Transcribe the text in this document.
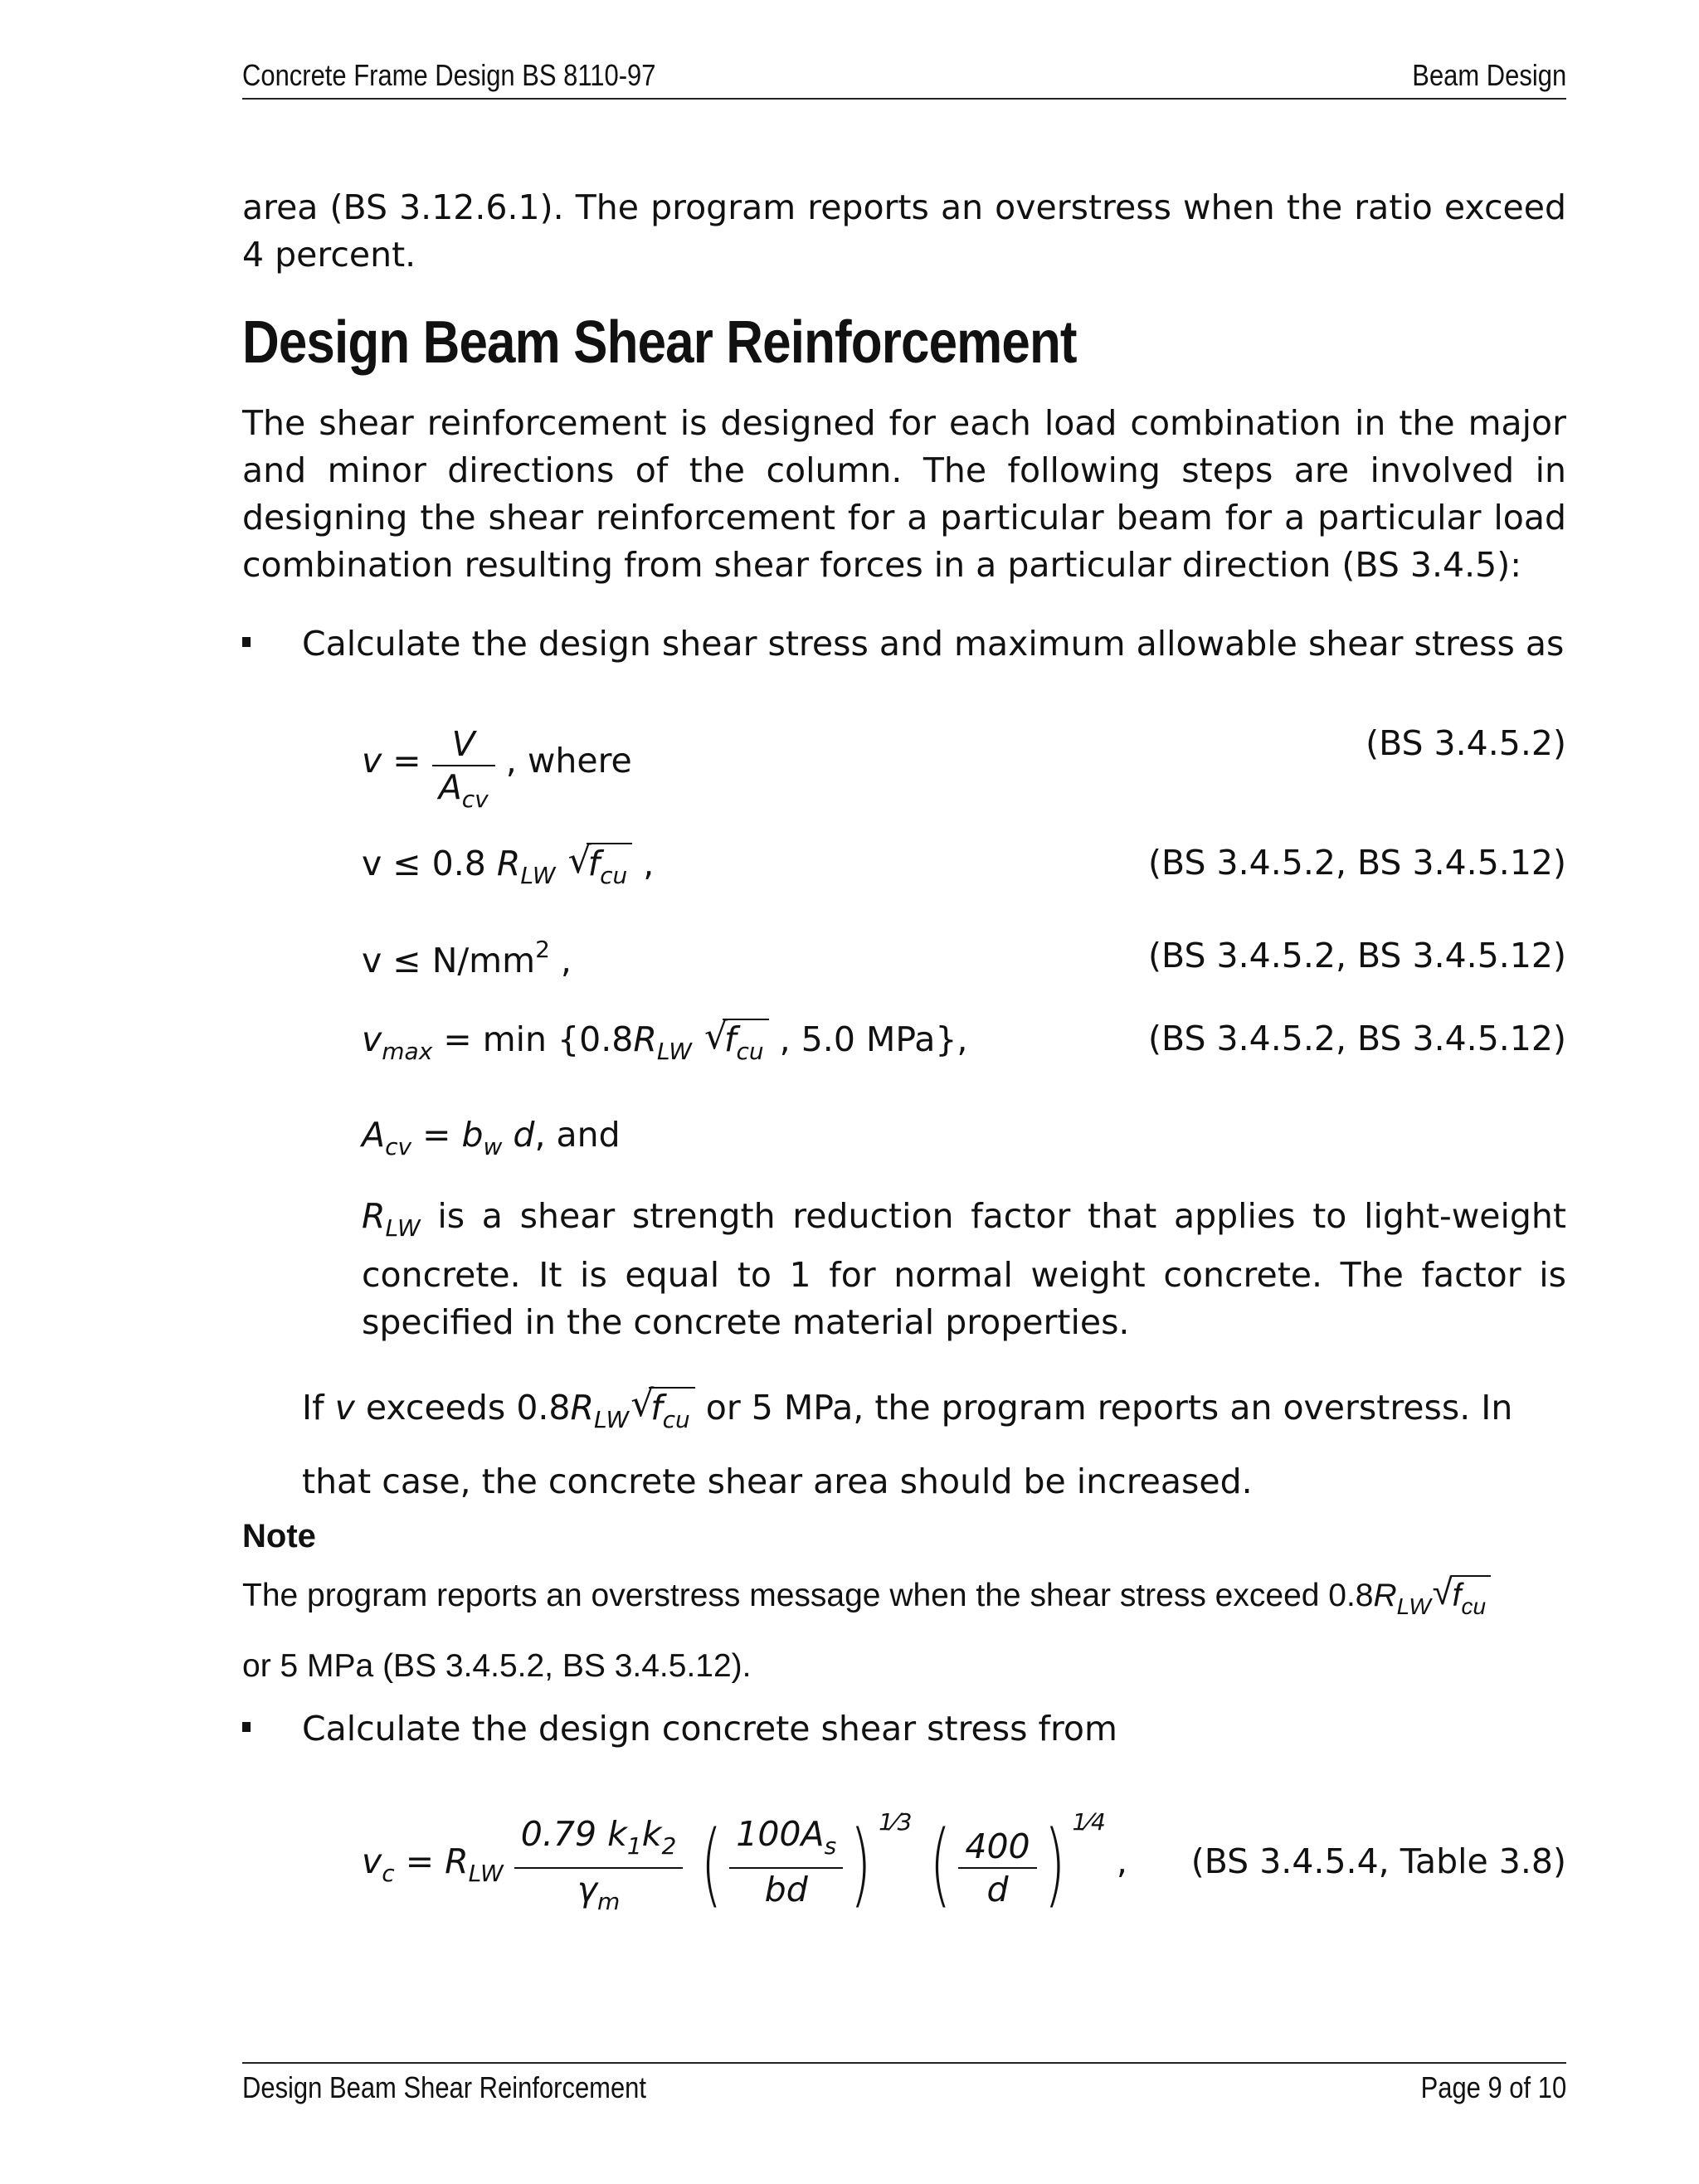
Concrete Frame Design BS 8110-97	Beam Design
area (BS 3.12.6.1). The program reports an overstress when the ratio exceed 4 percent.
Design Beam Shear Reinforcement
The shear reinforcement is designed for each load combination in the major and minor directions of the column. The following steps are involved in designing the shear reinforcement for a particular beam for a particular load combination resulting from shear forces in a particular direction (BS 3.4.5):
Calculate the design shear stress and maximum allowable shear stress as
$v = \frac{V}{A_{cv}}$ , where	(BS 3.4.5.2)
v ≤ 0.8 $R_{LW}$ √ $f_{cu}$ ,	(BS 3.4.5.2, BS 3.4.5.12)
$v \le N/mm^2$ ,	(BS 3.4.5.2, BS 3.4.5.12)
$v_{max} = \min \{0.8R_{LW}$ √ $f_{cu}$ , 5.0 MPa},	(BS 3.4.5.2, BS 3.4.5.12)
$A_{cv} = b_w$ d, and
$R_{LW}$ is a shear strength reduction factor that applies to light-weight concrete. It is equal to 1 for normal weight concrete. The factor is specified in the concrete material properties.
If v exceeds $0.8R_{LW}√$ $f_{cu}$ or 5 MPa, the program reports an overstress. In
that case, the concrete shear area should be increased.
Note
The program reports an overstress message when the shear stress exceed $0.8R_{LW}√$ $f_{cu}$
or 5 MPa (BS 3.4.5.2, BS 3.4.5.12).
Calculate the design concrete shear stress from
$v_c = R_{LW} \frac{0.79 k_1k_2}{\gamma_m}$ ( $\frac{100A_s}{bd}$ ) $^{1⁄3}$ ( $\frac{400}{d}$ ) $^{1⁄4}$ , (BS 3.4.5.4, Table 3.8)
Design Beam Shear Reinforcement	Page 9 of 10
